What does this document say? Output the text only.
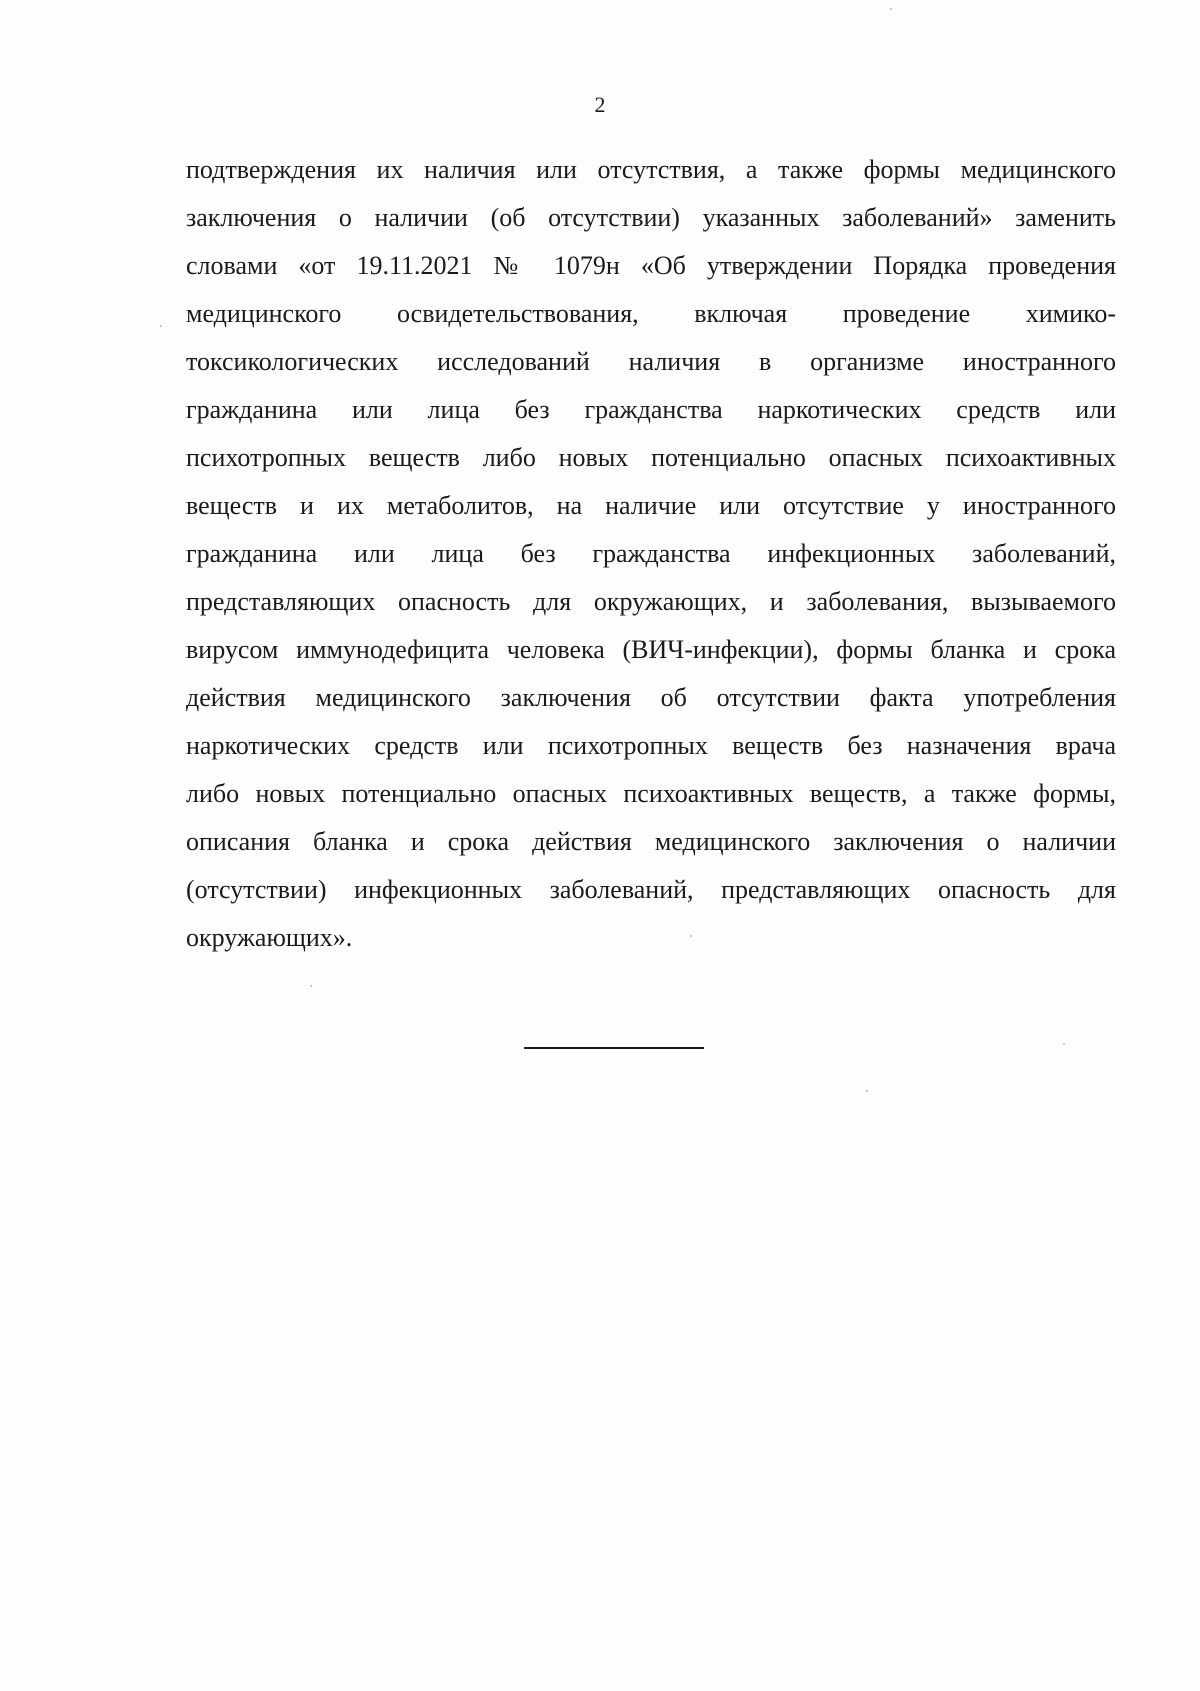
2
подтверждения их наличия или отсутствия, а также формы медицинского
заключения о наличии (об отсутствии) указанных заболеваний» заменить
словами «от 19.11.2021 № 1079н «Об утверждении Порядка проведения
медицинского освидетельствования, включая проведение химико-
токсикологических исследований наличия в организме иностранного
гражданина или лица без гражданства наркотических средств или
психотропных веществ либо новых потенциально опасных психоактивных
веществ и их метаболитов, на наличие или отсутствие у иностранного
гражданина или лица без гражданства инфекционных заболеваний,
представляющих опасность для окружающих, и заболевания, вызываемого
вирусом иммунодефицита человека (ВИЧ-инфекции), формы бланка и срока
действия медицинского заключения об отсутствии факта употребления
наркотических средств или психотропных веществ без назначения врача
либо новых потенциально опасных психоактивных веществ, а также формы,
описания бланка и срока действия медицинского заключения о наличии
(отсутствии) инфекционных заболеваний, представляющих опасность для
окружающих».
